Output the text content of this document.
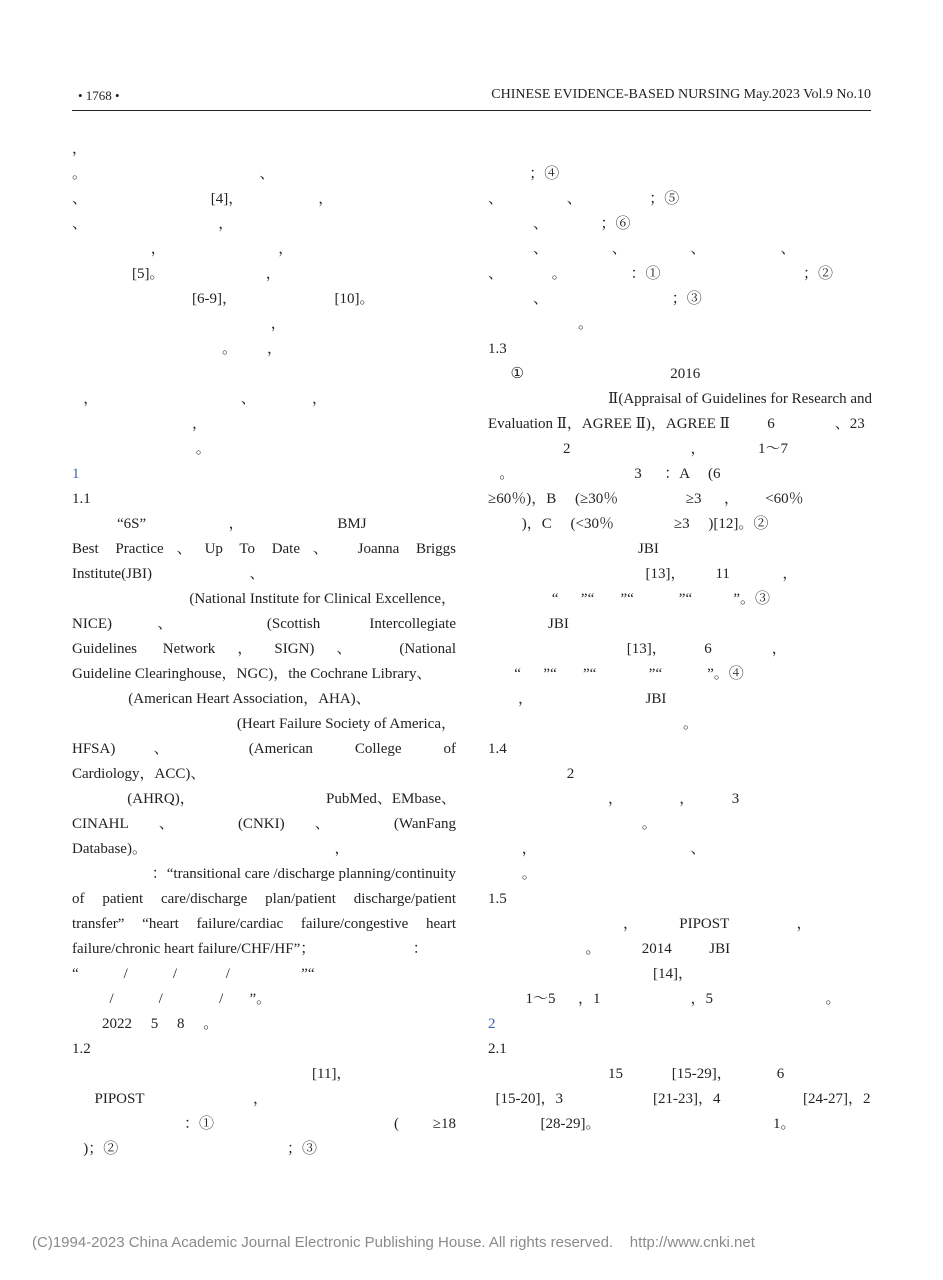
• 1768 •	CHINESE EVIDENCE-BASED NURSING May.2023 Vol.9 No.10
，
。                                              、
、                                 [4]，                    ，
、                                   ，
，                              ，
[5]。                           ，
[6-9]，                          [10]。
，
。        ，
，                                      、               ，
，
。
1
1.1
“6S”                      ，                         BMJ
Best Practice、Up To Date、 Joanna Briggs
Institute(JBI)                          、
(National Institute for Clinical Excellence，
NICE)、 (Scottish Intercollegiate
Guidelines Network，SIGN)、 (National
Guideline Clearinghouse，NGC)，the Cochrane Library、
(American Heart Association，AHA)、
(Heart Failure Society of America，
HFSA)、 (American College of
Cardiology，ACC)、
(AHRQ)，                                   PubMed、EMbase、
CINAHL、 (CNKI)、 (WanFang
Database)。                                                  ，
：“transitional care /discharge planning/continuity
of patient care/discharge plan/patient discharge/patient
transfer” “heart failure/cardiac failure/congestive heart
failure/chronic heart failure/CHF/HF”；                          ：
“            /            /             /                   ”“
/            /               /       ”。
2022     5     8     。
1.2
[11]，
PIPOST                             ，
：①                                                (         ≥18
)；②                                             ；③
；④
、                 、                  ；⑤
、              ；⑥
、                 、                 、                    、
、             。                 ：①                                      ；②
、                                 ；③
。
1.3
①                                       2016
Ⅱ(Appraisal of Guidelines for Research and
Evaluation Ⅱ，AGREE Ⅱ)，AGREE Ⅱ          6                、23
2                                ，              1～7
。                                3      ：A     (6
≥60％)，B     (≥30％                  ≥3      ，       <60％
)，C     (<30％                ≥3     )[12]。②
JBI
[13]，        11              ，
“      ”“       ”“            ”“           ”。③
JBI
[13]，          6                ，
“      ”“       ”“              ”“            ”。④
，                              JBI
。
1.4
2
，               ，          3
。
，                                         、
。
1.5
，           PIPOST                  ，
。           2014          JBI
[14]，
1～5      ，1                        ，5                              。
2
2.1
15             [15-29]，            6
[15-20]，3                        [21-23]，4                      [24-27]，2
[28-29]。                                              1。
(C)1994-2023 China Academic Journal Electronic Publishing House. All rights reserved.    http://www.cnki.net
